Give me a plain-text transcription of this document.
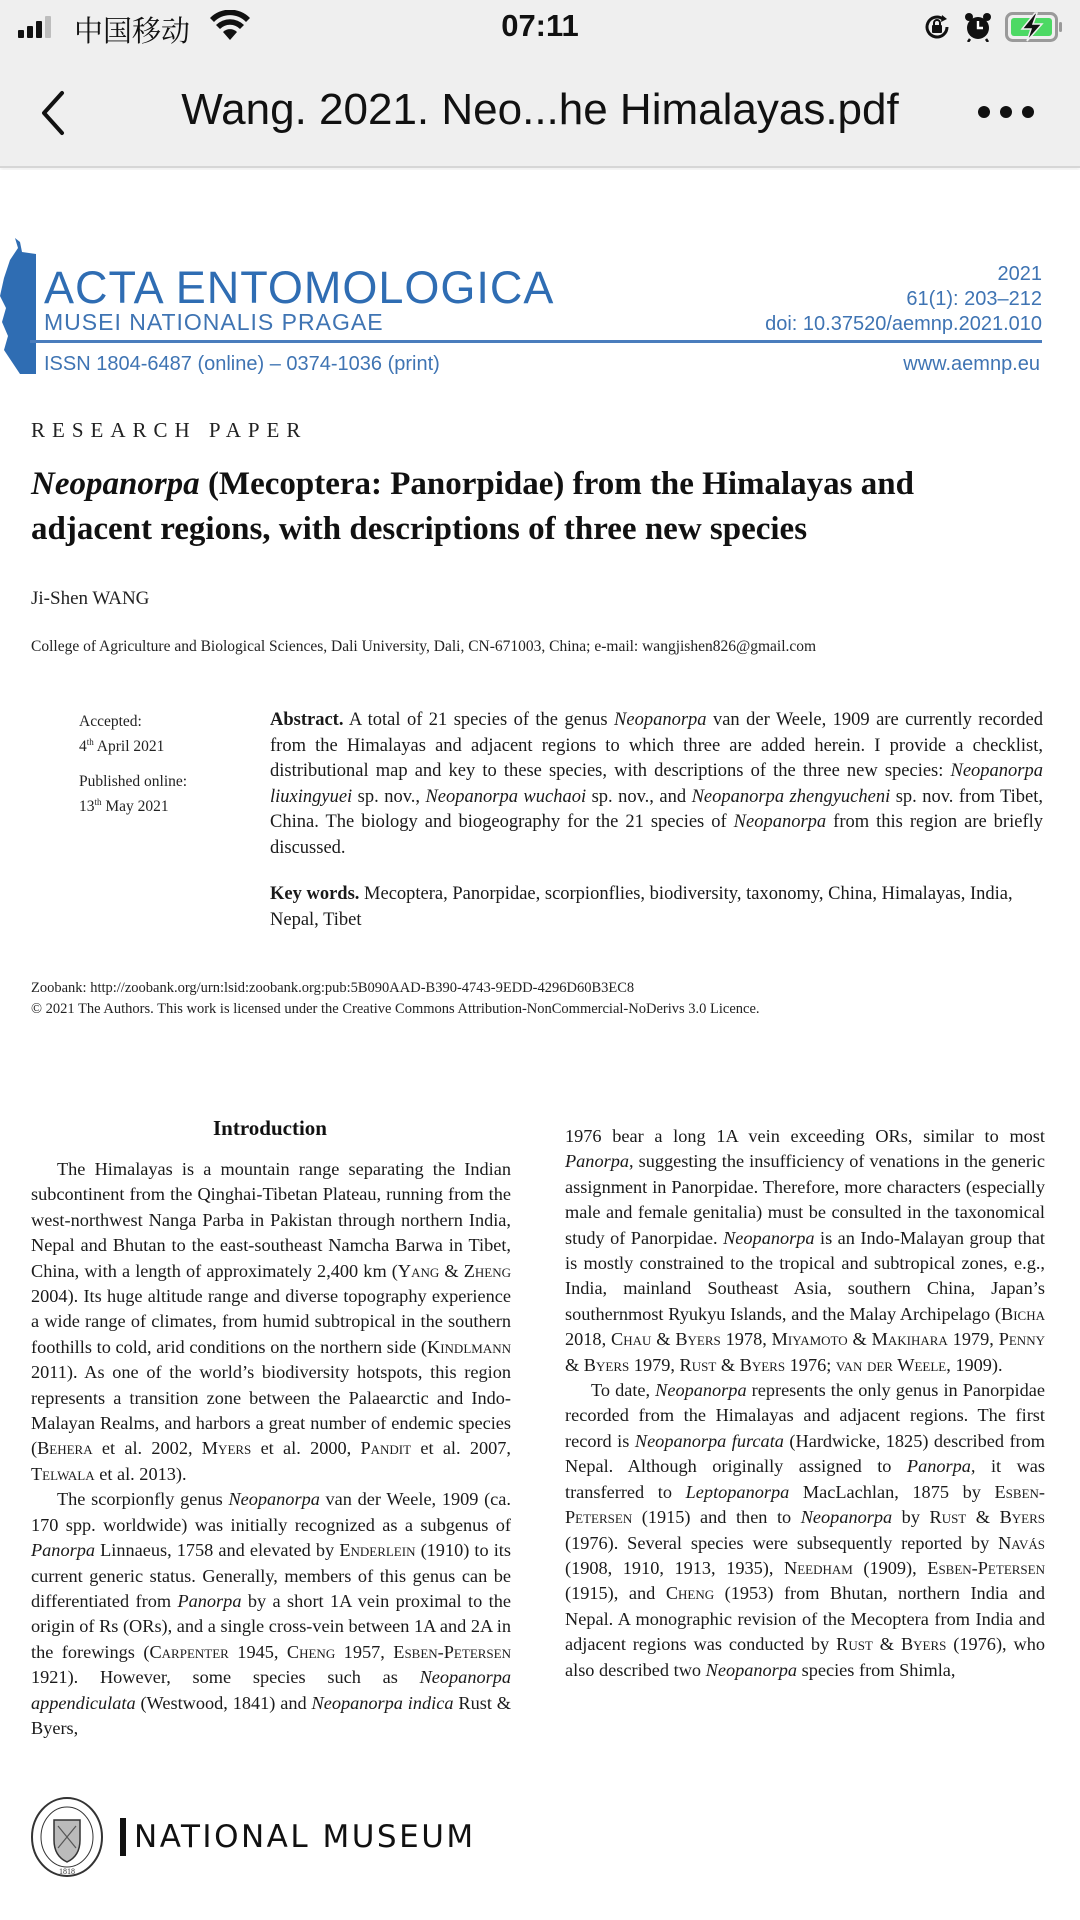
中国移动	07:11
Wang. 2021. Neo...he Himalayas.pdf
ACTA ENTOMOLOGICA
MUSEI NATIONALIS PRAGAE
ISSN 1804-6487 (online) – 0374-1036 (print)
2021
61(1): 203–212
doi: 10.37520/aemnp.2021.010
www.aemnp.eu
RESEARCH PAPER
Neopanorpa (Mecoptera: Panorpidae) from the Himalayas and adjacent regions, with descriptions of three new species
Ji-Shen WANG
College of Agriculture and Biological Sciences, Dali University, Dali, CN-671003, China; e-mail: wangjishen826@gmail.com
Accepted:
4th April 2021
Published online:
13th May 2021
Abstract. A total of 21 species of the genus Neopanorpa van der Weele, 1909 are currently recorded from the Himalayas and adjacent regions to which three are added herein. I provide a checklist, distributional map and key to these species, with descriptions of the three new species: Neopanorpa liuxingyuei sp. nov., Neopanorpa wuchaoi sp. nov., and Neopanorpa zhengyucheni sp. nov. from Tibet, China. The biology and biogeography for the 21 species of Neopanorpa from this region are briefly discussed.
Key words. Mecoptera, Panorpidae, scorpionflies, biodiversity, taxonomy, China, Himalayas, India, Nepal, Tibet
Zoobank: http://zoobank.org/urn:lsid:zoobank.org:pub:5B090AAD-B390-4743-9EDD-4296D60B3EC8
© 2021 The Authors. This work is licensed under the Creative Commons Attribution-NonCommercial-NoDerivs 3.0 Licence.
Introduction

The Himalayas is a mountain range separating the Indian subcontinent from the Qinghai-Tibetan Plateau, running from the west-northwest Nanga Parba in Pakistan through northern India, Nepal and Bhutan to the east-southeast Namcha Barwa in Tibet, China, with a length of approximately 2,400 km (Yang & Zheng 2004). Its huge altitude range and diverse topography experience a wide range of climates, from humid subtropical in the southern foothills to cold, arid conditions on the northern side (Kindlmann 2011). As one of the world’s biodiversity hotspots, this region represents a transition zone between the Palaearctic and Indo-Malayan Realms, and harbors a great number of endemic species (Behera et al. 2002, Myers et al. 2000, Pandit et al. 2007, Telwala et al. 2013).

The scorpionfly genus Neopanorpa van der Weele, 1909 (ca. 170 spp. worldwide) was initially recognized as a subgenus of Panorpa Linnaeus, 1758 and elevated by Enderlein (1910) to its current generic status. Generally, members of this genus can be differentiated from Panorpa by a short 1A vein proximal to the origin of Rs (ORs), and a single cross-vein between 1A and 2A in the forewings (Carpenter 1945, Cheng 1957, Esben-Petersen 1921). However, some species such as Neopanorpa appendiculata (Westwood, 1841) and Neopanorpa indica Rust & Byers,

1976 bear a long 1A vein exceeding ORs, similar to most Panorpa, suggesting the insufficiency of venations in the generic assignment in Panorpidae. Therefore, more characters (especially male and female genitalia) must be consulted in the taxonomical study of Panorpidae. Neopanorpa is an Indo-Malayan group that is mostly constrained to the tropical and subtropical zones, e.g., India, mainland Southeast Asia, southern China, Japan’s southernmost Ryukyu Islands, and the Malay Archipelago (Bicha 2018, Chau & Byers 1978, Miyamoto & Makihara 1979, Penny & Byers 1979, Rust & Byers 1976; van der Weele, 1909).

To date, Neopanorpa represents the only genus in Panorpidae recorded from the Himalayas and adjacent regions. The first record is Neopanorpa furcata (Hardwicke, 1825) described from Nepal. Although originally assigned to Panorpa, it was transferred to Leptopanorpa MacLachlan, 1875 by Esben-Petersen (1915) and then to Neopanorpa by Rust & Byers (1976). Several species were subsequently reported by Navás (1908, 1910, 1913, 1935), Needham (1909), Esben-Petersen (1915), and Cheng (1953) from Bhutan, northern India and Nepal. A monographic revision of the Mecoptera from India and adjacent regions was conducted by Rust & Byers (1976), who also described two Neopanorpa species from Shimla,

1818
NATIONAL MUSEUM
